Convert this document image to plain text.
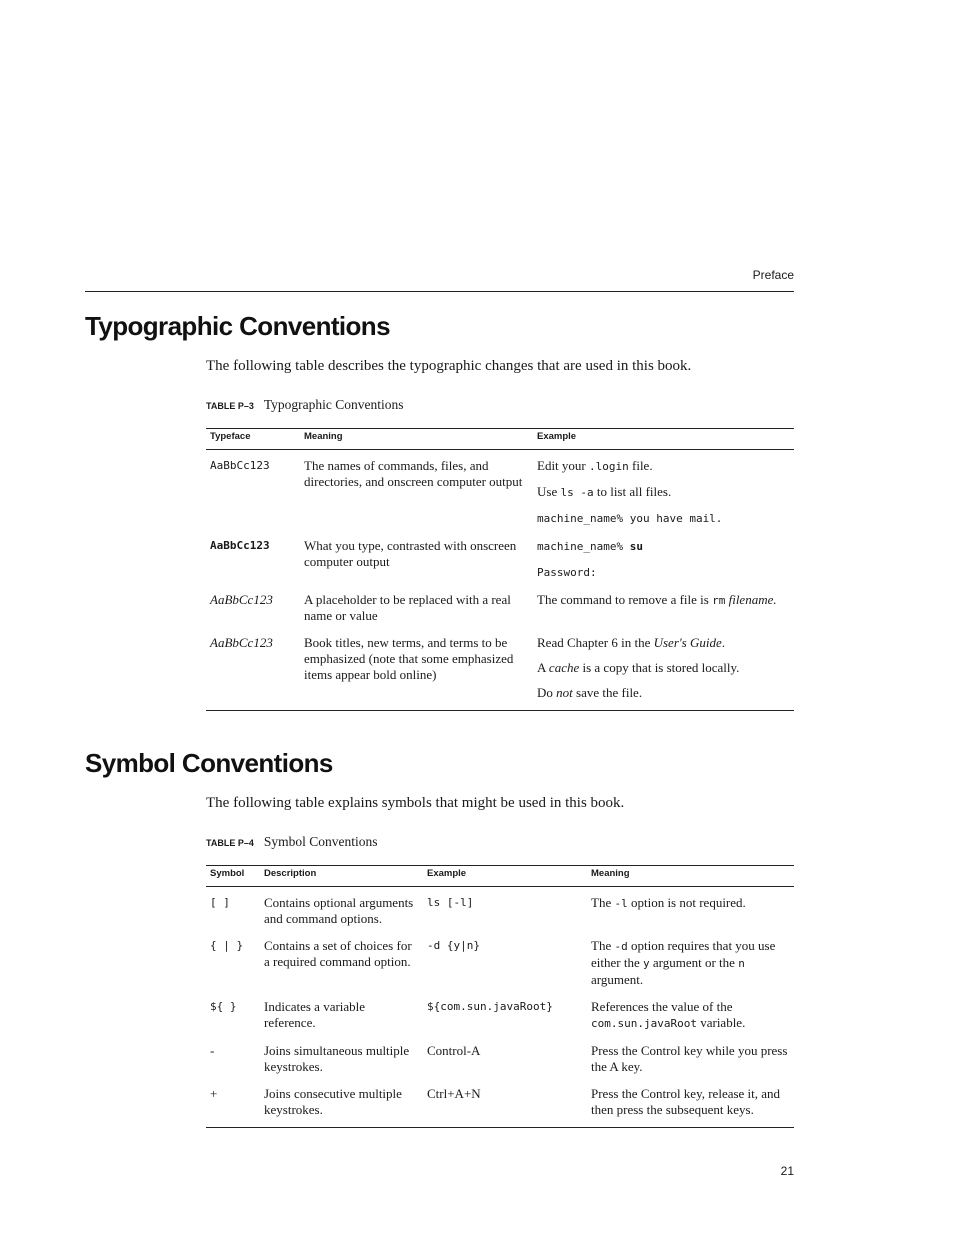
Preface
Typographic Conventions
The following table describes the typographic changes that are used in this book.
TABLE P–3 Typographic Conventions
Typeface	Meaning	Example
AaBbCc123	The names of commands, files, and directories, and onscreen computer output	Edit your .login file.

Use ls -a to list all files.

machine_name% you have mail.

AaBbCc123	What you type, contrasted with onscreen computer output	machine_name% su

Password:

AaBbCc123	A placeholder to be replaced with a real name or value	The command to remove a file is rm filename.

AaBbCc123	Book titles, new terms, and terms to be emphasized (note that some emphasized items appear bold online)	Read Chapter 6 in the User's Guide.

A cache is a copy that is stored locally.

Do not save the file.

Symbol Conventions
The following table explains symbols that might be used in this book.
TABLE P–4 Symbol Conventions
Symbol	Description	Example	Meaning
[ ]	Contains optional arguments and command options.	ls [-l]	The -l option is not required.
{ | }	Contains a set of choices for a required command option.	-d {y|n}	The -d option requires that you use either the y argument or the n argument.
${ }	Indicates a variable reference.	${com.sun.javaRoot}	References the value of the com.sun.javaRoot variable.
-	Joins simultaneous multiple keystrokes.	Control-A	Press the Control key while you press the A key.
+	Joins consecutive multiple keystrokes.	Ctrl+A+N	Press the Control key, release it, and then press the subsequent keys.
21
